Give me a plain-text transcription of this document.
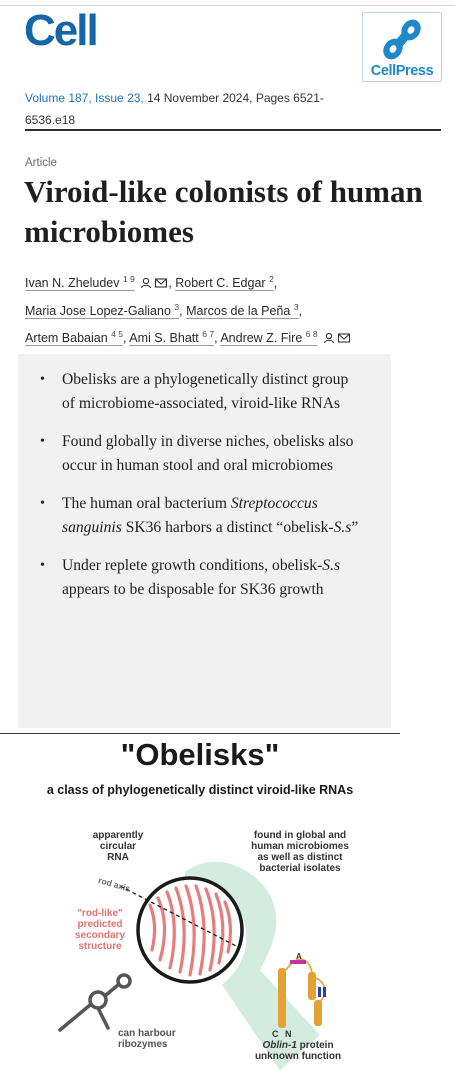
Cell
CellPress
Volume 187, Issue 23, 14 November 2024, Pages 6521-6536.e18
Article
Viroid-like colonists of human microbiomes
Ivan N. Zheludev $^{1 9}$	, Robert C. Edgar $^2$,
Maria Jose Lopez-Galiano $^3$, Marcos de la Peña $^3$,
Artem Babaian $^{4 5}$, Ami S. Bhatt $^{6 7}$, Andrew Z. Fire $^{6 8}$
• Obelisks are a phylogenetically distinct group of microbiome-associated, viroid-like RNAs
• Found globally in diverse niches, obelisks also occur in human stool and oral microbiomes
• The human oral bacterium Streptococcus sanguinis SK36 harbors a distinct “obelisk-S.s”
• Under replete growth conditions, obelisk-S.s appears to be disposable for SK36 growth
"Obelisks"
a class of phylogenetically distinct viroid-like RNAs
apparently circular RNA
found in global and human microbiomes as well as distinct bacterial isolates
rod axis
"rod-like" predicted secondary structure
C N
A
can harbour ribozymes	Oblin-1 protein unknown function
